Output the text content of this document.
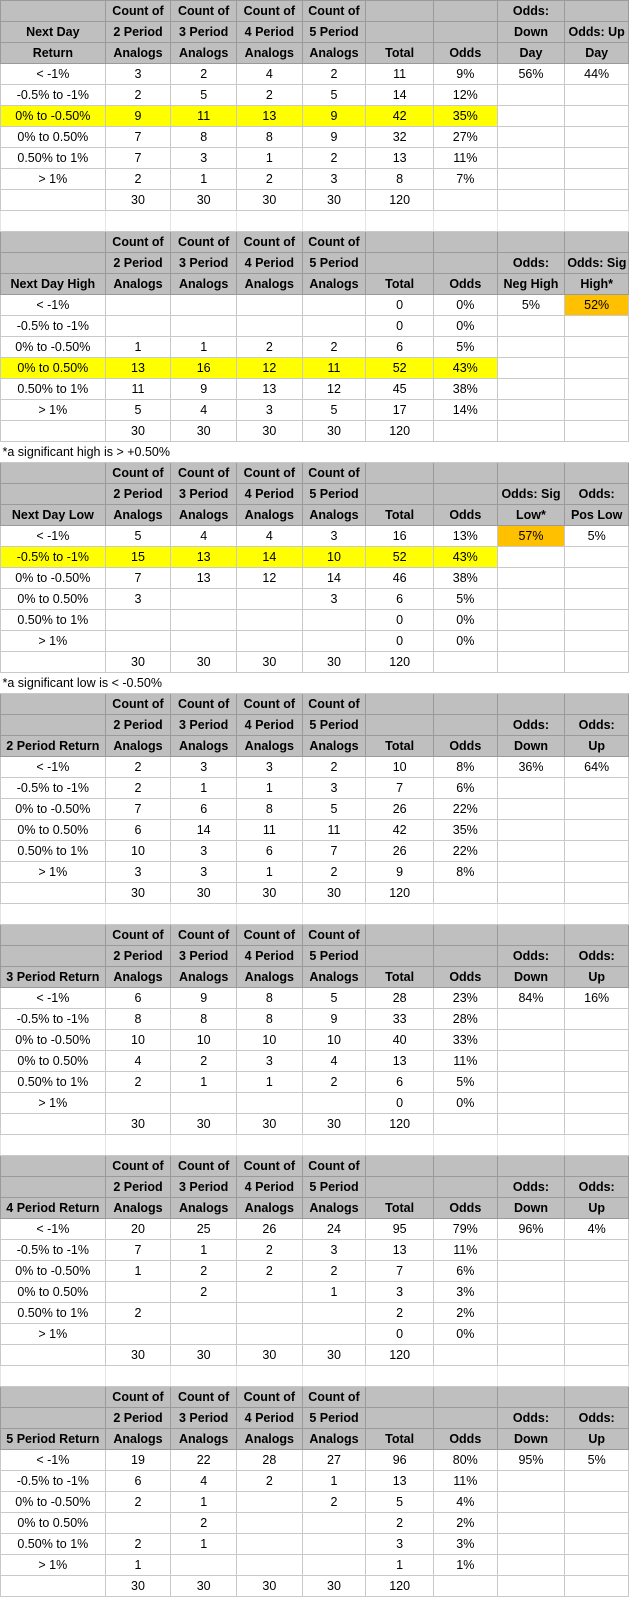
	Count of	Count of	Count of	Count of			Odds:	
Next Day	2 Period	3 Period	4 Period	5 Period			Down	Odds: Up
Return	Analogs	Analogs	Analogs	Analogs	Total	Odds	Day	Day
< -1%	3	2	4	2	11	9%	56%	44%
-0.5% to -1%	2	5	2	5	14	12%		
0% to -0.50%	9	11	13	9	42	35%		
0% to 0.50%	7	8	8	9	32	27%		
0.50% to 1%	7	3	1	2	13	11%		
> 1%	2	1	2	3	8	7%		
	30	30	30	30	120			

	Count of	Count of	Count of	Count of				
	2 Period	3 Period	4 Period	5 Period			Odds:	Odds: Sig
Next Day High	Analogs	Analogs	Analogs	Analogs	Total	Odds	Neg High	High*
< -1%					0	0%	5%	52%
-0.5% to -1%					0	0%		
0% to -0.50%	1	1	2	2	6	5%		
0% to 0.50%	13	16	12	11	52	43%		
0.50% to 1%	11	9	13	12	45	38%		
> 1%	5	4	3	5	17	14%		
	30	30	30	30	120			
*a significant high is > +0.50%								
	Count of	Count of	Count of	Count of				
	2 Period	3 Period	4 Period	5 Period			Odds: Sig	Odds:
Next Day Low	Analogs	Analogs	Analogs	Analogs	Total	Odds	Low*	Pos Low
< -1%	5	4	4	3	16	13%	57%	5%
-0.5% to -1%	15	13	14	10	52	43%		
0% to -0.50%	7	13	12	14	46	38%		
0% to 0.50%	3			3	6	5%		
0.50% to 1%					0	0%		
> 1%					0	0%		
	30	30	30	30	120			
*a significant low is < -0.50%								
	Count of	Count of	Count of	Count of				
	2 Period	3 Period	4 Period	5 Period			Odds:	Odds:
2 Period Return	Analogs	Analogs	Analogs	Analogs	Total	Odds	Down	Up
< -1%	2	3	3	2	10	8%	36%	64%
-0.5% to -1%	2	1	1	3	7	6%		
0% to -0.50%	7	6	8	5	26	22%		
0% to 0.50%	6	14	11	11	42	35%		
0.50% to 1%	10	3	6	7	26	22%		
> 1%	3	3	1	2	9	8%		
	30	30	30	30	120			

	Count of	Count of	Count of	Count of				
	2 Period	3 Period	4 Period	5 Period			Odds:	Odds:
3 Period Return	Analogs	Analogs	Analogs	Analogs	Total	Odds	Down	Up
< -1%	6	9	8	5	28	23%	84%	16%
-0.5% to -1%	8	8	8	9	33	28%		
0% to -0.50%	10	10	10	10	40	33%		
0% to 0.50%	4	2	3	4	13	11%		
0.50% to 1%	2	1	1	2	6	5%		
> 1%					0	0%		
	30	30	30	30	120			

	Count of	Count of	Count of	Count of				
	2 Period	3 Period	4 Period	5 Period			Odds:	Odds:
4 Period Return	Analogs	Analogs	Analogs	Analogs	Total	Odds	Down	Up
< -1%	20	25	26	24	95	79%	96%	4%
-0.5% to -1%	7	1	2	3	13	11%		
0% to -0.50%	1	2	2	2	7	6%		
0% to 0.50%		2		1	3	3%		
0.50% to 1%	2				2	2%		
> 1%					0	0%		
	30	30	30	30	120			

	Count of	Count of	Count of	Count of				
	2 Period	3 Period	4 Period	5 Period			Odds:	Odds:
5 Period Return	Analogs	Analogs	Analogs	Analogs	Total	Odds	Down	Up
< -1%	19	22	28	27	96	80%	95%	5%
-0.5% to -1%	6	4	2	1	13	11%		
0% to -0.50%	2	1		2	5	4%		
0% to 0.50%		2			2	2%		
0.50% to 1%	2	1			3	3%		
> 1%	1				1	1%		
	30	30	30	30	120			
